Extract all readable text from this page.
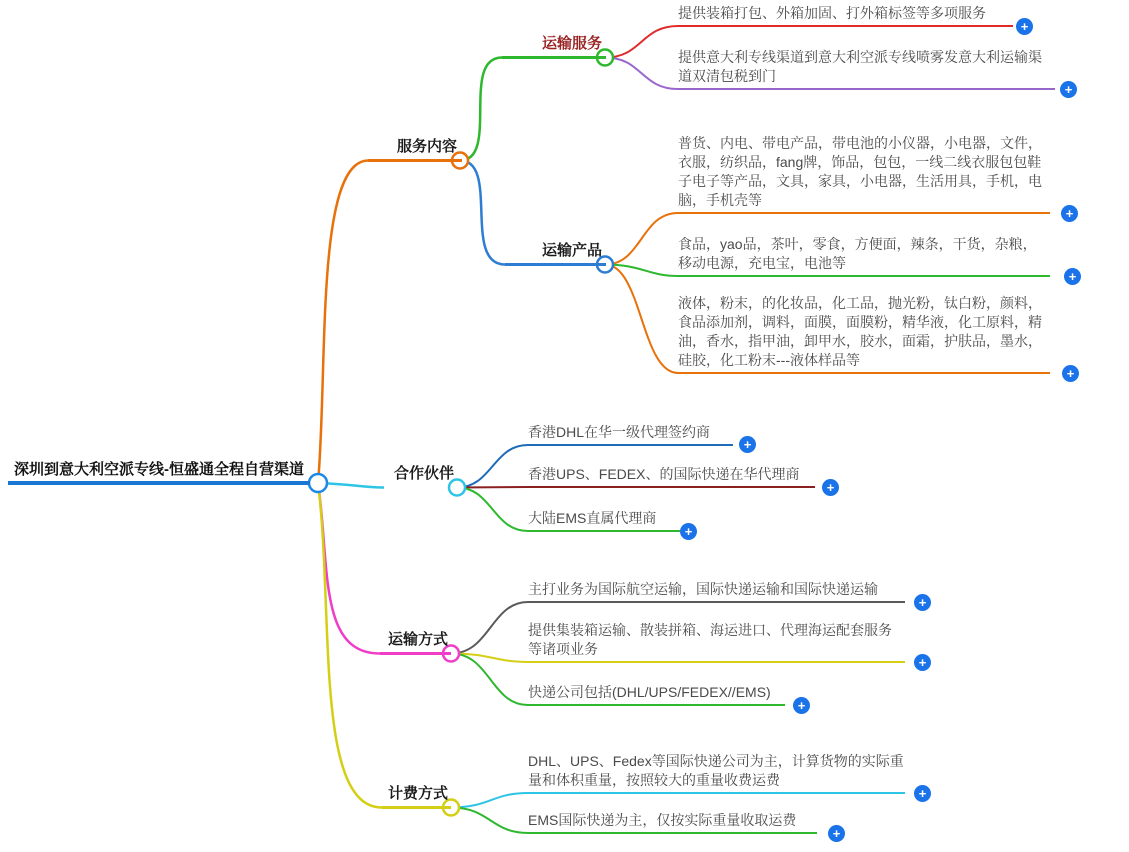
深圳到意大利空派专线-恒盛通全程自营渠道
服务内容
合作伙伴
运输方式
计费方式
运输服务
运输产品
提供装箱打包、外箱加固、打外箱标签等多项服务
提供意大利专线渠道到意大利空派专线喷雾发意大利运输渠道双清包税到门
普货、内电、带电产品，带电池的小仪器，小电器，文件，衣服，纺织品，fang牌，饰品，包包，一线二线衣服包包鞋子电子等产品，文具，家具，小电器，生活用具，手机，电脑，手机壳等
食品，yao品，茶叶，零食，方便面，辣条，干货，杂粮，移动电源，充电宝，电池等
液体，粉末，的化妆品，化工品，抛光粉，钛白粉，颜料，食品添加剂，调料，面膜，面膜粉，精华液，化工原料，精油，香水，指甲油，卸甲水，胶水，面霜，护肤品，墨水，硅胶，化工粉末---液体样品等
香港DHL在华一级代理签约商
香港UPS、FEDEX、的国际快递在华代理商
大陆EMS直属代理商
主打业务为国际航空运输，国际快递运输和国际快递运输
提供集装箱运输、散装拼箱、海运进口、代理海运配套服务等诸项业务
快递公司包括(DHL/UPS/FEDEX//EMS)
DHL、UPS、Fedex等国际快递公司为主，计算货物的实际重量和体积重量，按照较大的重量收费运费
EMS国际快递为主，仅按实际重量收取运费
+
+
+
+
+
+
+
+
+
+
+
+
+
